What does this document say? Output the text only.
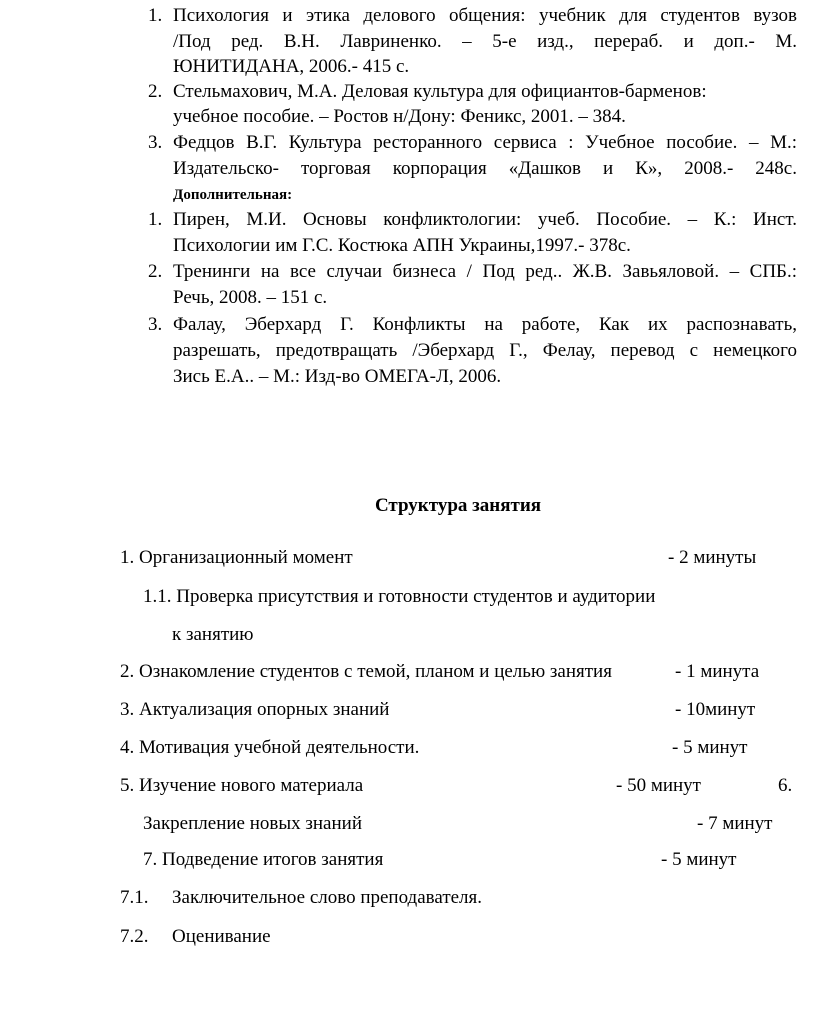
1. Психология и этика делового общения: учебник для студентов вузов
/Под ред. В.Н. Лавриненко. – 5-е изд., перераб. и доп.- М.
ЮНИТИДАНА, 2006.- 415 с.
2. Стельмахович, М.А. Деловая культура для официантов-барменов:
учебное пособие. – Ростов н/Дону: Феникс, 2001. – 384.
3. Федцов В.Г. Культура ресторанного сервиса : Учебное пособие. – М.:
Издательско- торговая корпорация «Дашков и К», 2008.- 248с.
Дополнительная:
1. Пирен, М.И. Основы конфликтологии: учеб. Пособие. – К.: Инст.
Психологии им Г.С. Костюка АПН Украины,1997.- 378с.
2. Тренинги на все случаи бизнеса / Под ред.. Ж.В. Завьяловой. – СПБ.:
Речь, 2008. – 151 с.
3. Фалау, Эберхард Г. Конфликты на работе, Как их распознавать,
разрешать, предотвращать /Эберхард Г., Фелау, перевод с немецкого
Зись Е.А.. – М.: Изд-во ОМЕГА-Л, 2006.
Структура занятия
1. Организационный момент	- 2 минуты
1.1. Проверка присутствия и готовности студентов и аудитории
к занятию
2. Ознакомление студентов с темой, планом и целью занятия	- 1 минута
3. Актуализация опорных знаний	- 10минут
4. Мотивация учебной деятельности.	- 5 минут
5. Изучение нового материала	- 50 минут	6.
Закрепление новых знаний	- 7 минут
7. Подведение итогов занятия	- 5 минут
7.1. Заключительное слово преподавателя.
7.2. Оценивание
